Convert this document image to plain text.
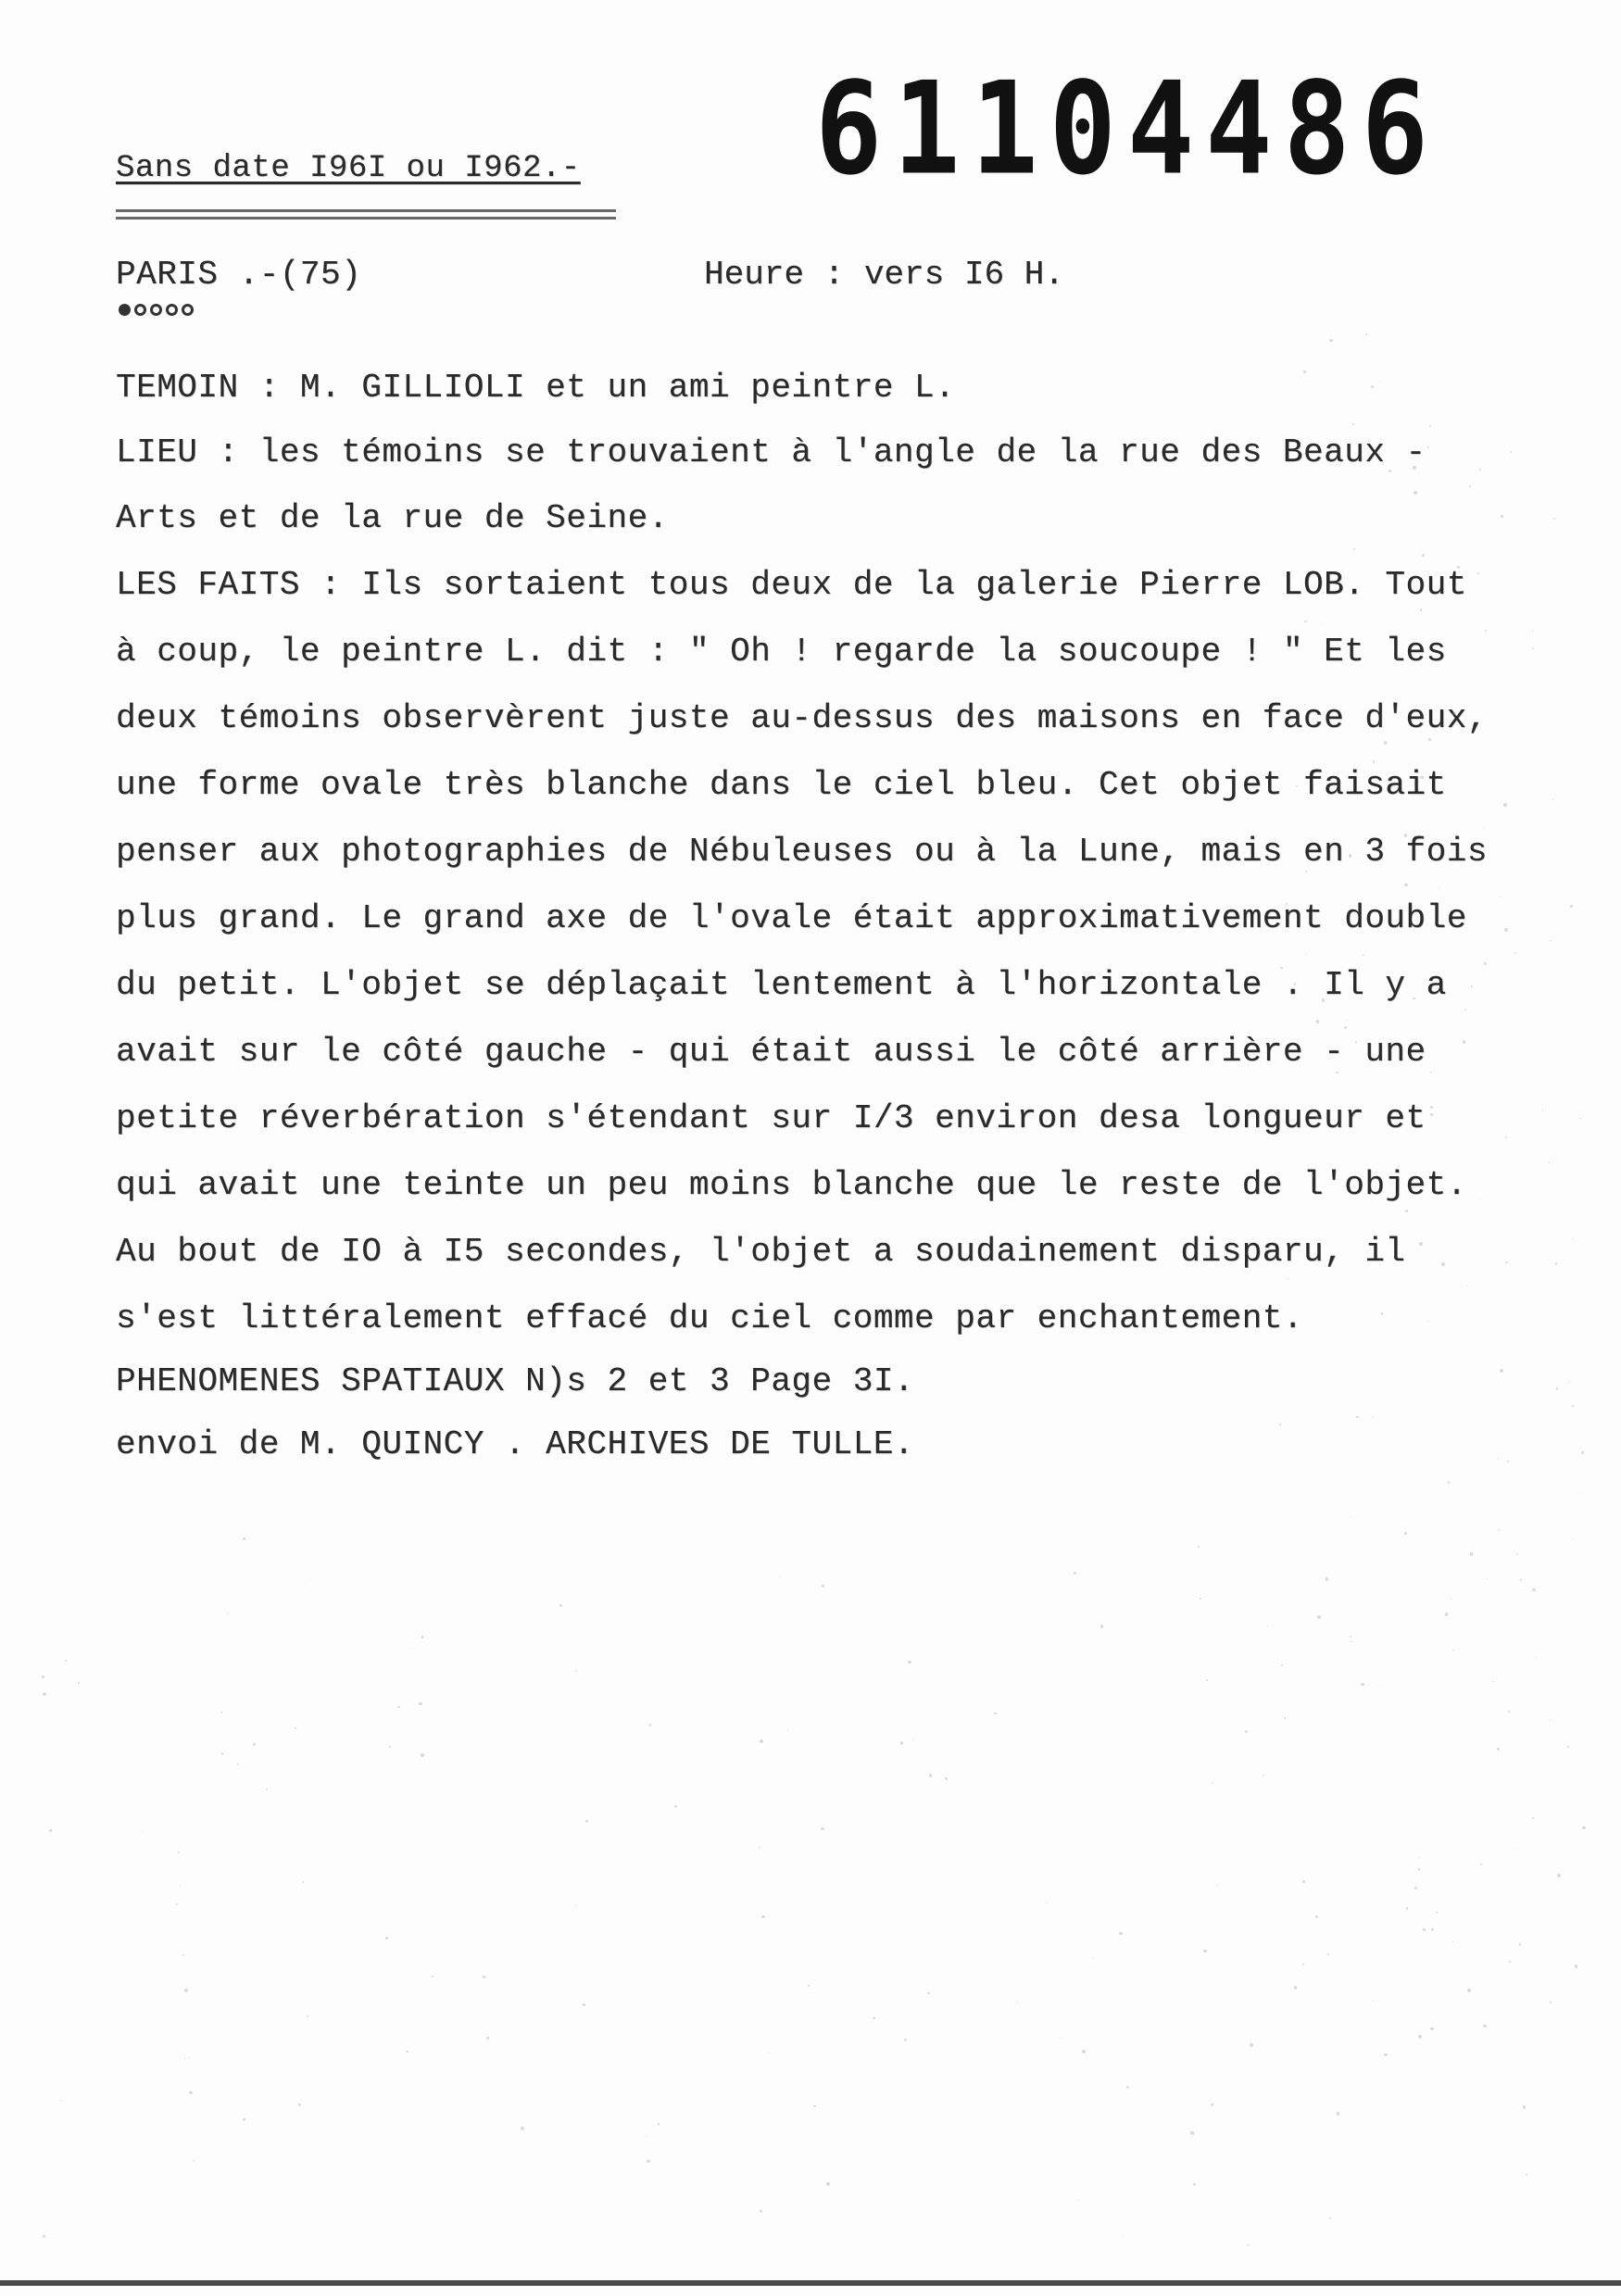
61104486
Sans date I96I ou I962.-
PARIS .-(75)	Heure : vers I6 H.
TEMOIN : M. GILLIOLI et un ami peintre L.
LIEU : les témoins se trouvaient à l'angle de la rue des Beaux -
Arts et de la rue de Seine.
LES FAITS : Ils sortaient tous deux de la galerie Pierre LOB. Tout
à coup, le peintre L. dit : " Oh ! regarde la soucoupe ! " Et les
deux témoins observèrent juste au-dessus des maisons en face d'eux,
une forme ovale très blanche dans le ciel bleu. Cet objet faisait
penser aux photographies de Nébuleuses ou à la Lune, mais en 3 fois
plus grand. Le grand axe de l'ovale était approximativement double
du petit. L'objet se déplaçait lentement à l'horizontale . Il y a
avait sur le côté gauche - qui était aussi le côté arrière - une
petite réverbération s'étendant sur I/3 environ desa longueur et
qui avait une teinte un peu moins blanche que le reste de l'objet.
Au bout de IO à I5 secondes, l'objet a soudainement disparu, il
s'est littéralement effacé du ciel comme par enchantement.
PHENOMENES SPATIAUX N)s 2 et 3 Page 3I.
envoi de M. QUINCY . ARCHIVES DE TULLE.
